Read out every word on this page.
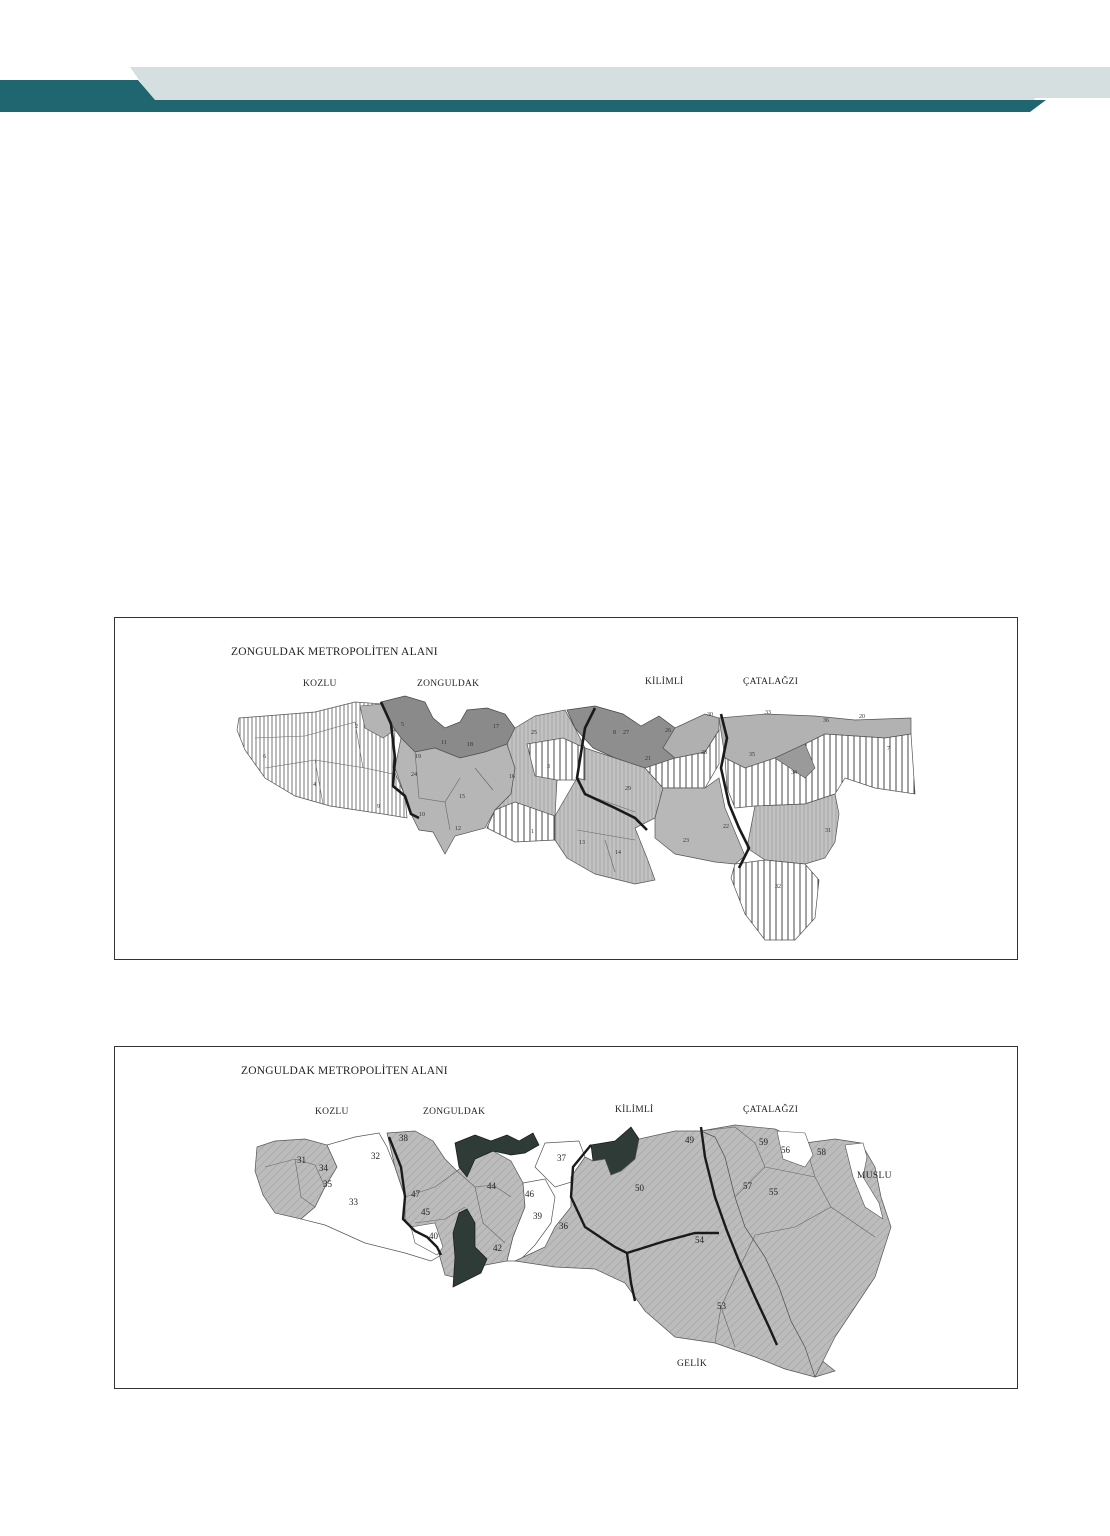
1
2
3
4
5
6
7
8
9
10
11
12
13
14
15
16
17
18
19
20
21
22
23
24
25	26
27
28
29
30
31
32
33
34
35
36

ZONGULDAK METROPOLİTEN ALANI

KOZLU	ZONGULDAK	KİLİMLİ	ÇATALAĞZI
31	32
33
34
35
36
37
38
39
40
42
44
45
46
47
49
50
53
54
55
56
57
58
59

ZONGULDAK METROPOLİTEN ALANI

KOZLU	ZONGULDAK	KİLİMLİ	ÇATALAĞZI
MUSLU
GELİK
